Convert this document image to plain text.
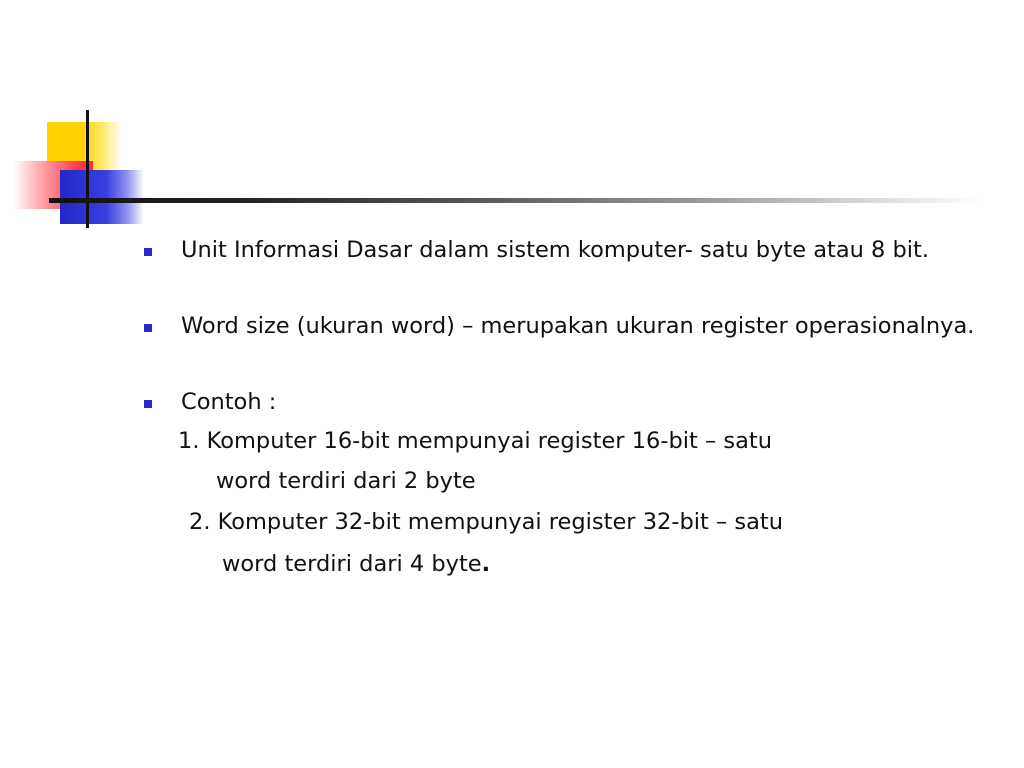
Unit Informasi Dasar dalam sistem komputer- satu byte atau 8 bit.
Word size (ukuran word) – merupakan ukuran register operasionalnya.
Contoh :
1. Komputer 16-bit mempunyai register 16-bit – satu
word terdiri dari 2 byte
2. Komputer 32-bit mempunyai register 32-bit – satu
word terdiri dari 4 byte.
